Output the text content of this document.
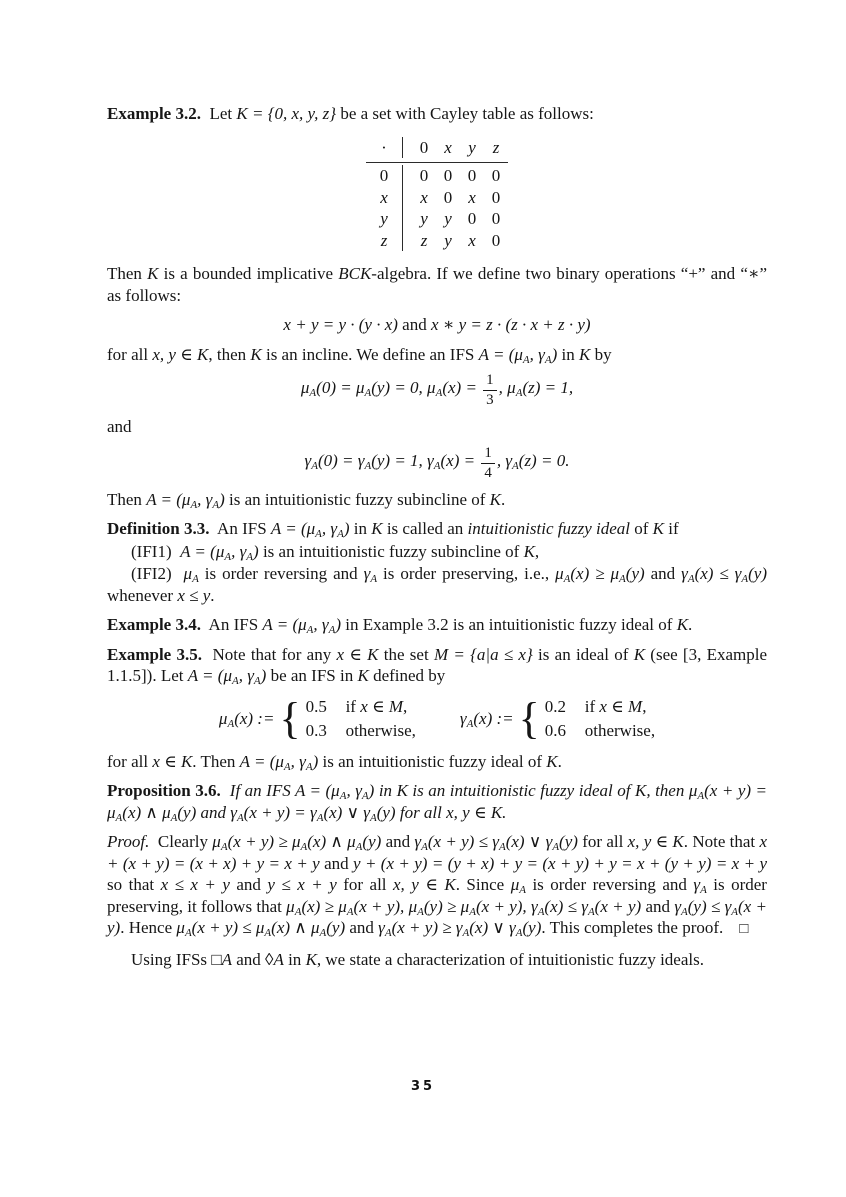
Example 3.2.  Let K = {0, x, y, z} be a set with Cayley table as follows:
·	0 x y z
0	0 0 0 0
x	x 0 x 0
y	y y 0 0
z	z y x 0
Then K is a bounded implicative BCK-algebra. If we define two binary operations “+” and “∗” as follows:
x + y = y · (y · x) and x ∗ y = z · (z · x + z · y)
for all x, y ∈ K, then K is an incline. We define an IFS $A = (\mu_A$, $\gamma_A$) in K by
$\mu_A(0) = \mu_A(y) = 0$, $\mu_A(x) = \frac{1}{3}$ , $\mu_A(z) = 1$,
and
$\gamma_A(0) = \gamma_A(y) = 1$, $\gamma_A(x) = \frac{1}{4}$ , $\gamma_A(z) = 0$.
Then $A = (\mu_A$, $\gamma_A$) is an intuitionistic fuzzy subincline of K.
Definition 3.3.  An IFS $A = (\mu_A$, $\gamma_A$) in K is called an intuitionistic fuzzy ideal of K if
(IFI1)  $A = (\mu_A$, $\gamma_A$) is an intuitionistic fuzzy subincline of K,
(IFI2)  $\mu_A$ is order reversing and $\gamma_A$ is order preserving, i.e., $\mu_A(x) \ge \mu_A(y)$ and $\gamma_A(x) \le \gamma_A(y)$ whenever x ≤ y.
Example 3.4.  An IFS $A = (\mu_A$, $\gamma_A$) in Example 3.2 is an intuitionistic fuzzy ideal of K.
Example 3.5.  Note that for any x ∈ K the set M = {a|a ≤ x} is an ideal of K (see [3, Example 1.1.5]). Let $A = (\mu_A$, $\gamma_A$) be an IFS in K defined by
$\mu_A(x)$ := { 0.5	if x ∈ M,
0.3	otherwise,
$\gamma_A(x)$ := { 0.2	if x ∈ M,
0.6	otherwise,
for all x ∈ K. Then $A = (\mu_A$, $\gamma_A$) is an intuitionistic fuzzy ideal of K.
Proposition 3.6.  If an IFS $A = (\mu_A$, $\gamma_A$) in K is an intuitionistic fuzzy ideal of K, then $\mu_A(x + y) = \mu_A(x)$ ∧ $\mu_A(y)$ and $\gamma_A(x + y) = \gamma_A(x)$ ∨ $\gamma_A(y)$ for all x, y ∈ K.
Proof.  Clearly $\mu_A(x + y) \ge \mu_A(x)$ ∧ $\mu_A(y)$ and $\gamma_A(x + y) \le \gamma_A(x)$ ∨ $\gamma_A(y)$ for all x, y ∈ K. Note that x + (x + y) = (x + x) + y = x + y and y + (x + y) = (y + x) + y = (x + y) + y = x + (y + y) = x + y so that x ≤ x + y and y ≤ x + y for all x, y ∈ K. Since $\mu_A$ is order reversing and $\gamma_A$ is order preserving, it follows that $\mu_A(x) \ge \mu_A(x + y)$, $\mu_A(y) \ge \mu_A(x + y)$, $\gamma_A(x) \le \gamma_A(x + y)$ and $\gamma_A(y) \le \gamma_A(x + y)$. Hence $\mu_A(x + y) \le \mu_A(x)$ ∧ $\mu_A(y)$ and $\gamma_A(x + y) \ge \gamma_A(x)$ ∨ $\gamma_A(y)$. This completes the proof. □
Using IFSs □A and ◊A in K, we state a characterization of intuitionistic fuzzy ideals.
35
